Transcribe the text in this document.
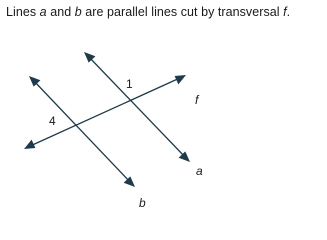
Lines a and b are parallel lines cut by transversal f.
1
4
f
a
b
